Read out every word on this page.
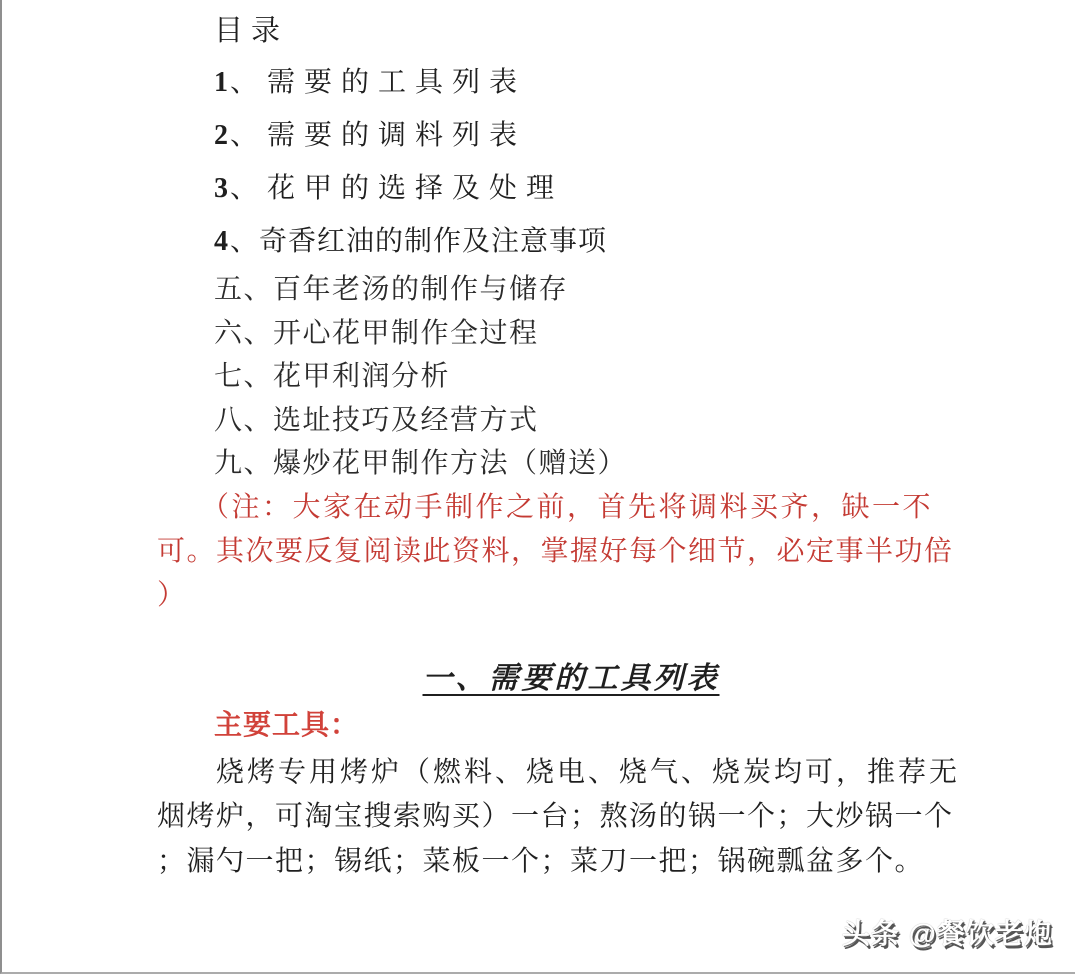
目录
1、需要的工具列表
2、需要的调料列表
3、花甲的选择及处理
4、奇香红油的制作及注意事项
五、百年老汤的制作与储存
六、开心花甲制作全过程
七、花甲利润分析
八、选址技巧及经营方式
九、爆炒花甲制作方法（赠送）
（注：大家在动手制作之前，首先将调料买齐，缺一不
可。其次要反复阅读此资料，掌握好每个细节，必定事半功倍
）
一、需要的工具列表
主要工具：
烧烤专用烤炉（燃料、烧电、烧气、烧炭均可，推荐无
烟烤炉，可淘宝搜索购买）一台；熬汤的锅一个；大炒锅一个
；漏勺一把；锡纸；菜板一个；菜刀一把；锅碗瓢盆多个。
头条 @餐饮老炮
